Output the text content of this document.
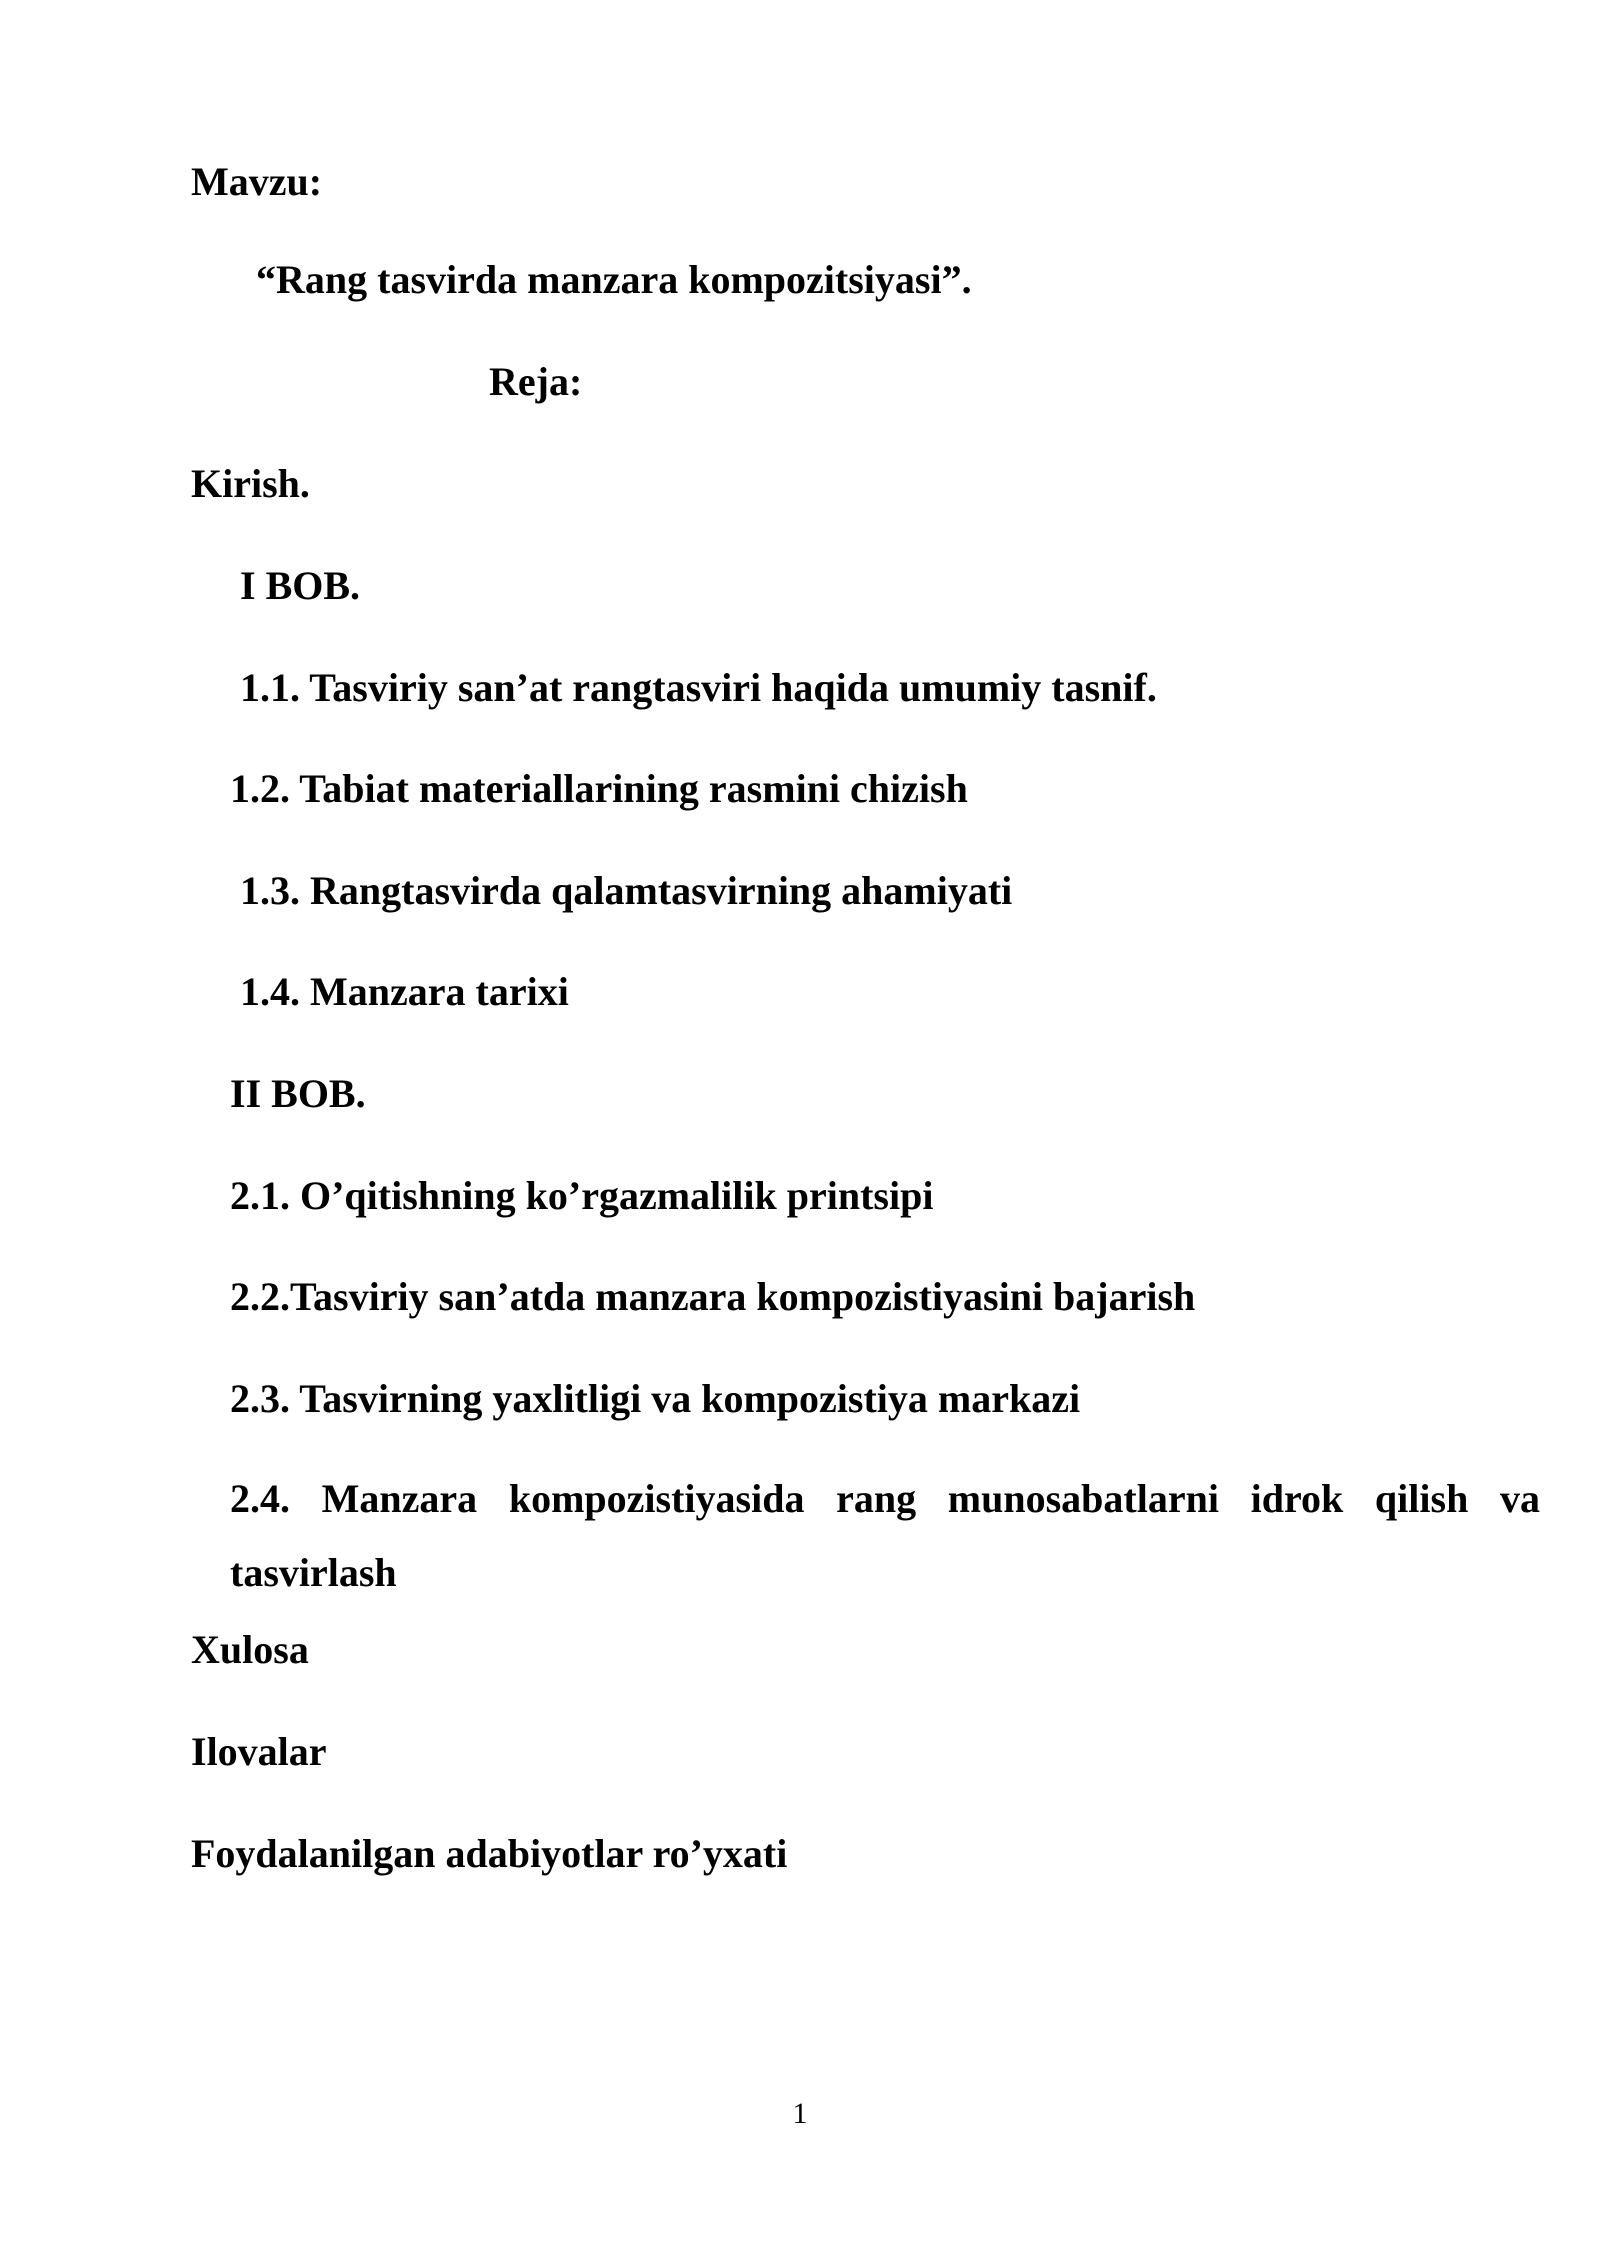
Mavzu:
“Rang tasvirda manzara kompozitsiyasi”.
Reja:
Kirish.
I BOB.
1.1. Tasviriy san’at rangtasviri haqida umumiy tasnif.
1.2. Tabiat materiallarining rasmini chizish
1.3. Rangtasvirda qalamtasvirning ahamiyati
1.4. Manzara tarixi
II BOB.
2.1. O’qitishning ko’rgazmalilik printsipi
2.2.Tasviriy san’atda manzara kompozistiyasini bajarish
2.3. Tasvirning yaxlitligi va kompozistiya markazi
2.4. Manzara kompozistiyasida rang munosabatlarni idrok qilish va tasvirlash
Xulosa
Ilovalar
Foydalanilgan adabiyotlar ro’yxati
1
